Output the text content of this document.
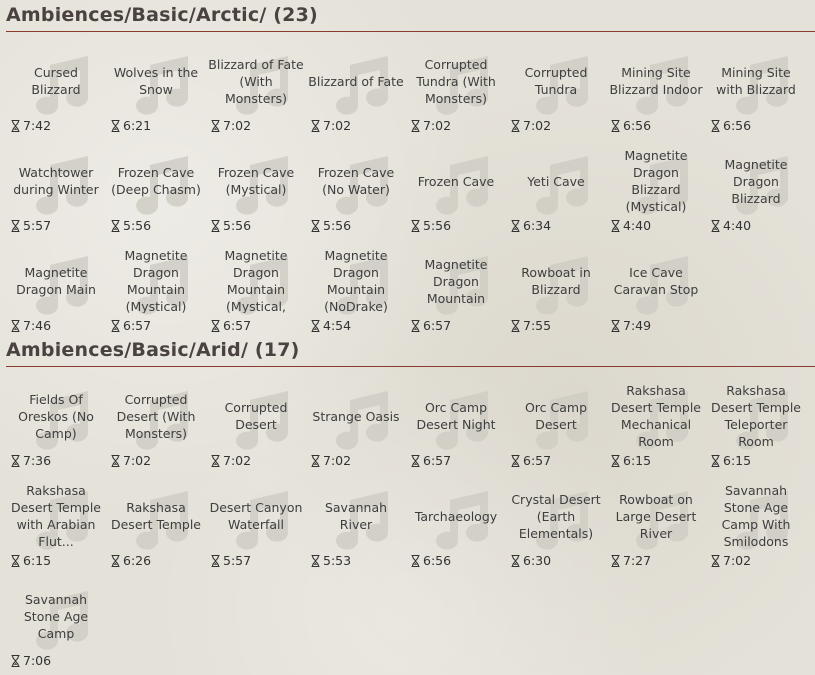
Ambiences/Basic/Arctic/ (23)
Cursed Blizzard
7:42
Wolves in the Snow
6:21
Blizzard of Fate (With Monsters)
7:02
Blizzard of Fate
7:02
Corrupted Tundra (With Monsters)
7:02
Corrupted Tundra
7:02
Mining Site Blizzard Indoor
6:56
Mining Site with Blizzard
6:56
Watchtower during Winter
5:57
Frozen Cave (Deep Chasm)
5:56
Frozen Cave (Mystical)
5:56
Frozen Cave (No Water)
5:56
Frozen Cave
5:56
Yeti Cave
6:34
Magnetite Dragon Blizzard (Mystical)
4:40
Magnetite Dragon Blizzard
4:40
Magnetite Dragon Main
7:46
Magnetite Dragon Mountain (Mystical)
6:57
Magnetite Dragon Mountain (Mystical,
6:57
Magnetite Dragon Mountain (NoDrake)
4:54
Magnetite Dragon Mountain
6:57
Rowboat in Blizzard
7:55
Ice Cave Caravan Stop
7:49
Ambiences/Basic/Arid/ (17)
Fields Of Oreskos (No Camp)
7:36
Corrupted Desert (With Monsters)
7:02
Corrupted Desert
7:02
Strange Oasis
7:02
Orc Camp Desert Night
6:57
Orc Camp Desert
6:57
Rakshasa Desert Temple Mechanical Room
6:15
Rakshasa Desert Temple Teleporter Room
6:15
Rakshasa Desert Temple with Arabian Flut...
6:15
Rakshasa Desert Temple
6:26
Desert Canyon Waterfall
5:57
Savannah River
5:53
Tarchaeology
6:56
Crystal Desert (Earth Elementals)
6:30
Rowboat on Large Desert River
7:27
Savannah Stone Age Camp With Smilodons
7:02
Savannah Stone Age Camp
7:06
